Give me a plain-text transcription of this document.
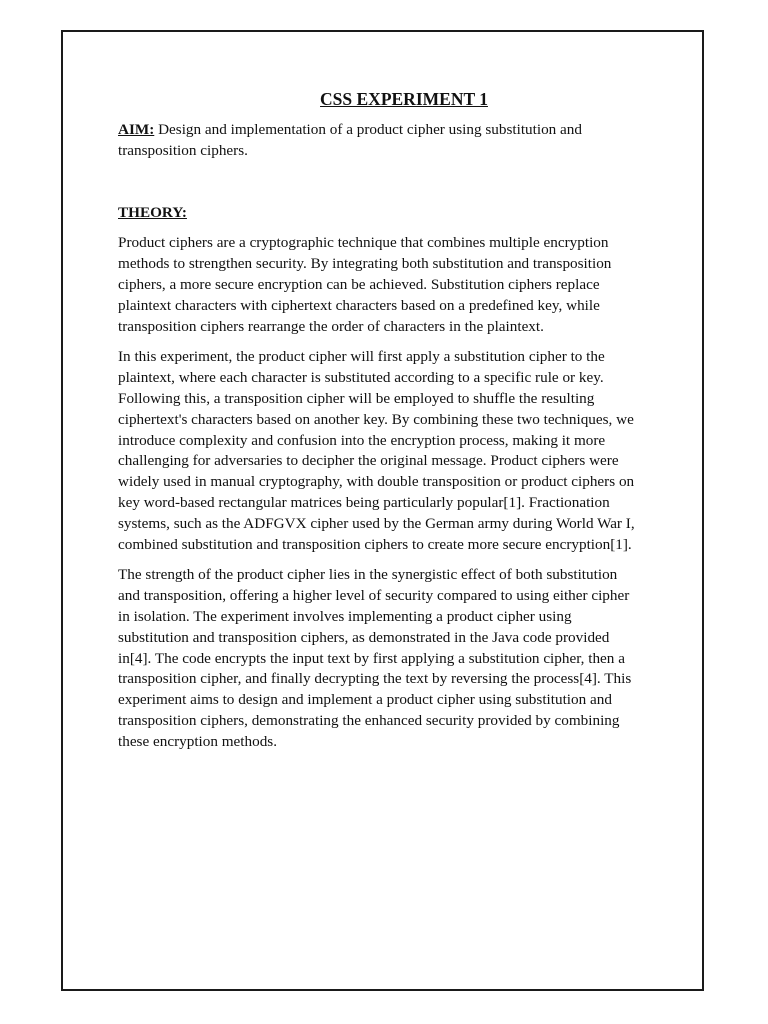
CSS EXPERIMENT 1

AIM: Design and implementation of a product cipher using substitution and transposition ciphers.

THEORY:

Product ciphers are a cryptographic technique that combines multiple encryption methods to strengthen security. By integrating both substitution and transposition ciphers, a more secure encryption can be achieved. Substitution ciphers replace plaintext characters with ciphertext characters based on a predefined key, while transposition ciphers rearrange the order of characters in the plaintext.

In this experiment, the product cipher will first apply a substitution cipher to the plaintext, where each character is substituted according to a specific rule or key. Following this, a transposition cipher will be employed to shuffle the resulting ciphertext's characters based on another key. By combining these two techniques, we introduce complexity and confusion into the encryption process, making it more challenging for adversaries to decipher the original message. Product ciphers were widely used in manual cryptography, with double transposition or product ciphers on key word-based rectangular matrices being particularly popular[1]. Fractionation systems, such as the ADFGVX cipher used by the German army during World War I, combined substitution and transposition ciphers to create more secure encryption[1].

The strength of the product cipher lies in the synergistic effect of both substitution and transposition, offering a higher level of security compared to using either cipher in isolation. The experiment involves implementing a product cipher using substitution and transposition ciphers, as demonstrated in the Java code provided in[4]. The code encrypts the input text by first applying a substitution cipher, then a transposition cipher, and finally decrypting the text by reversing the process[4]. This experiment aims to design and implement a product cipher using substitution and transposition ciphers, demonstrating the enhanced security provided by combining these encryption methods.
